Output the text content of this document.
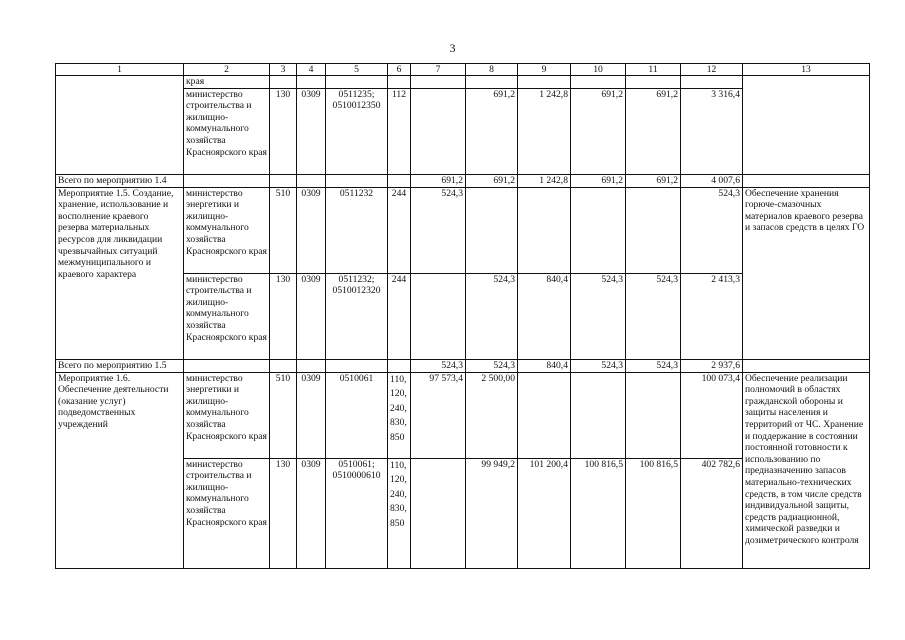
3
1	2	3	4	5	6	7	8	9	10	11	12	13
	края											
	министерство строительства и жилищно-коммунального хозяйства Красноярского края	130	0309	0511235; 0510012350	112		691,2	1 242,8	691,2	691,2	3 316,4	
Всего по мероприятию 1.4						691,2	691,2	1 242,8	691,2	691,2	4 007,6	
Мероприятие 1.5. Создание, хранение, использование и восполнение краевого резерва материальных ресурсов для ликвидации чрезвычайных ситуаций межмуниципального и краевого характера	министерство энергетики и жилищно-коммунального хозяйства Красноярского края	510	0309	0511232	244	524,3					524,3	Обеспечение хранения горюче-смазочных материалов краевого резерва и запасов средств в целях ГО
	министерство строительства и жилищно-коммунального хозяйства Красноярского края	130	0309	0511232; 0510012320	244		524,3	840,4	524,3	524,3	2 413,3	
Всего по мероприятию 1.5						524,3	524,3	840,4	524,3	524,3	2 937,6	
Мероприятие 1.6. Обеспечение деятельности (оказание услуг) подведомственных учреждений	министерство энергетики и жилищно-коммунального хозяйства Красноярского края	510	0309	0510061	110, 120, 240, 830, 850	97 573,4	2 500,00				100 073,4	Обеспечение реализации полномочий в областях гражданской обороны и защиты населения и территорий от ЧС. Хранение и поддержание в состоянии постоянной готовности к использованию по предназначению запасов материально-технических средств, в том числе средств индивидуальной защиты, средств радиационной, химической разведки и дозиметрического контроля
	министерство строительства и жилищно-коммунального хозяйства Красноярского края	130	0309	0510061; 0510000610	110, 120, 240, 830, 850		99 949,2	101 200,4	100 816,5	100 816,5	402 782,6	
